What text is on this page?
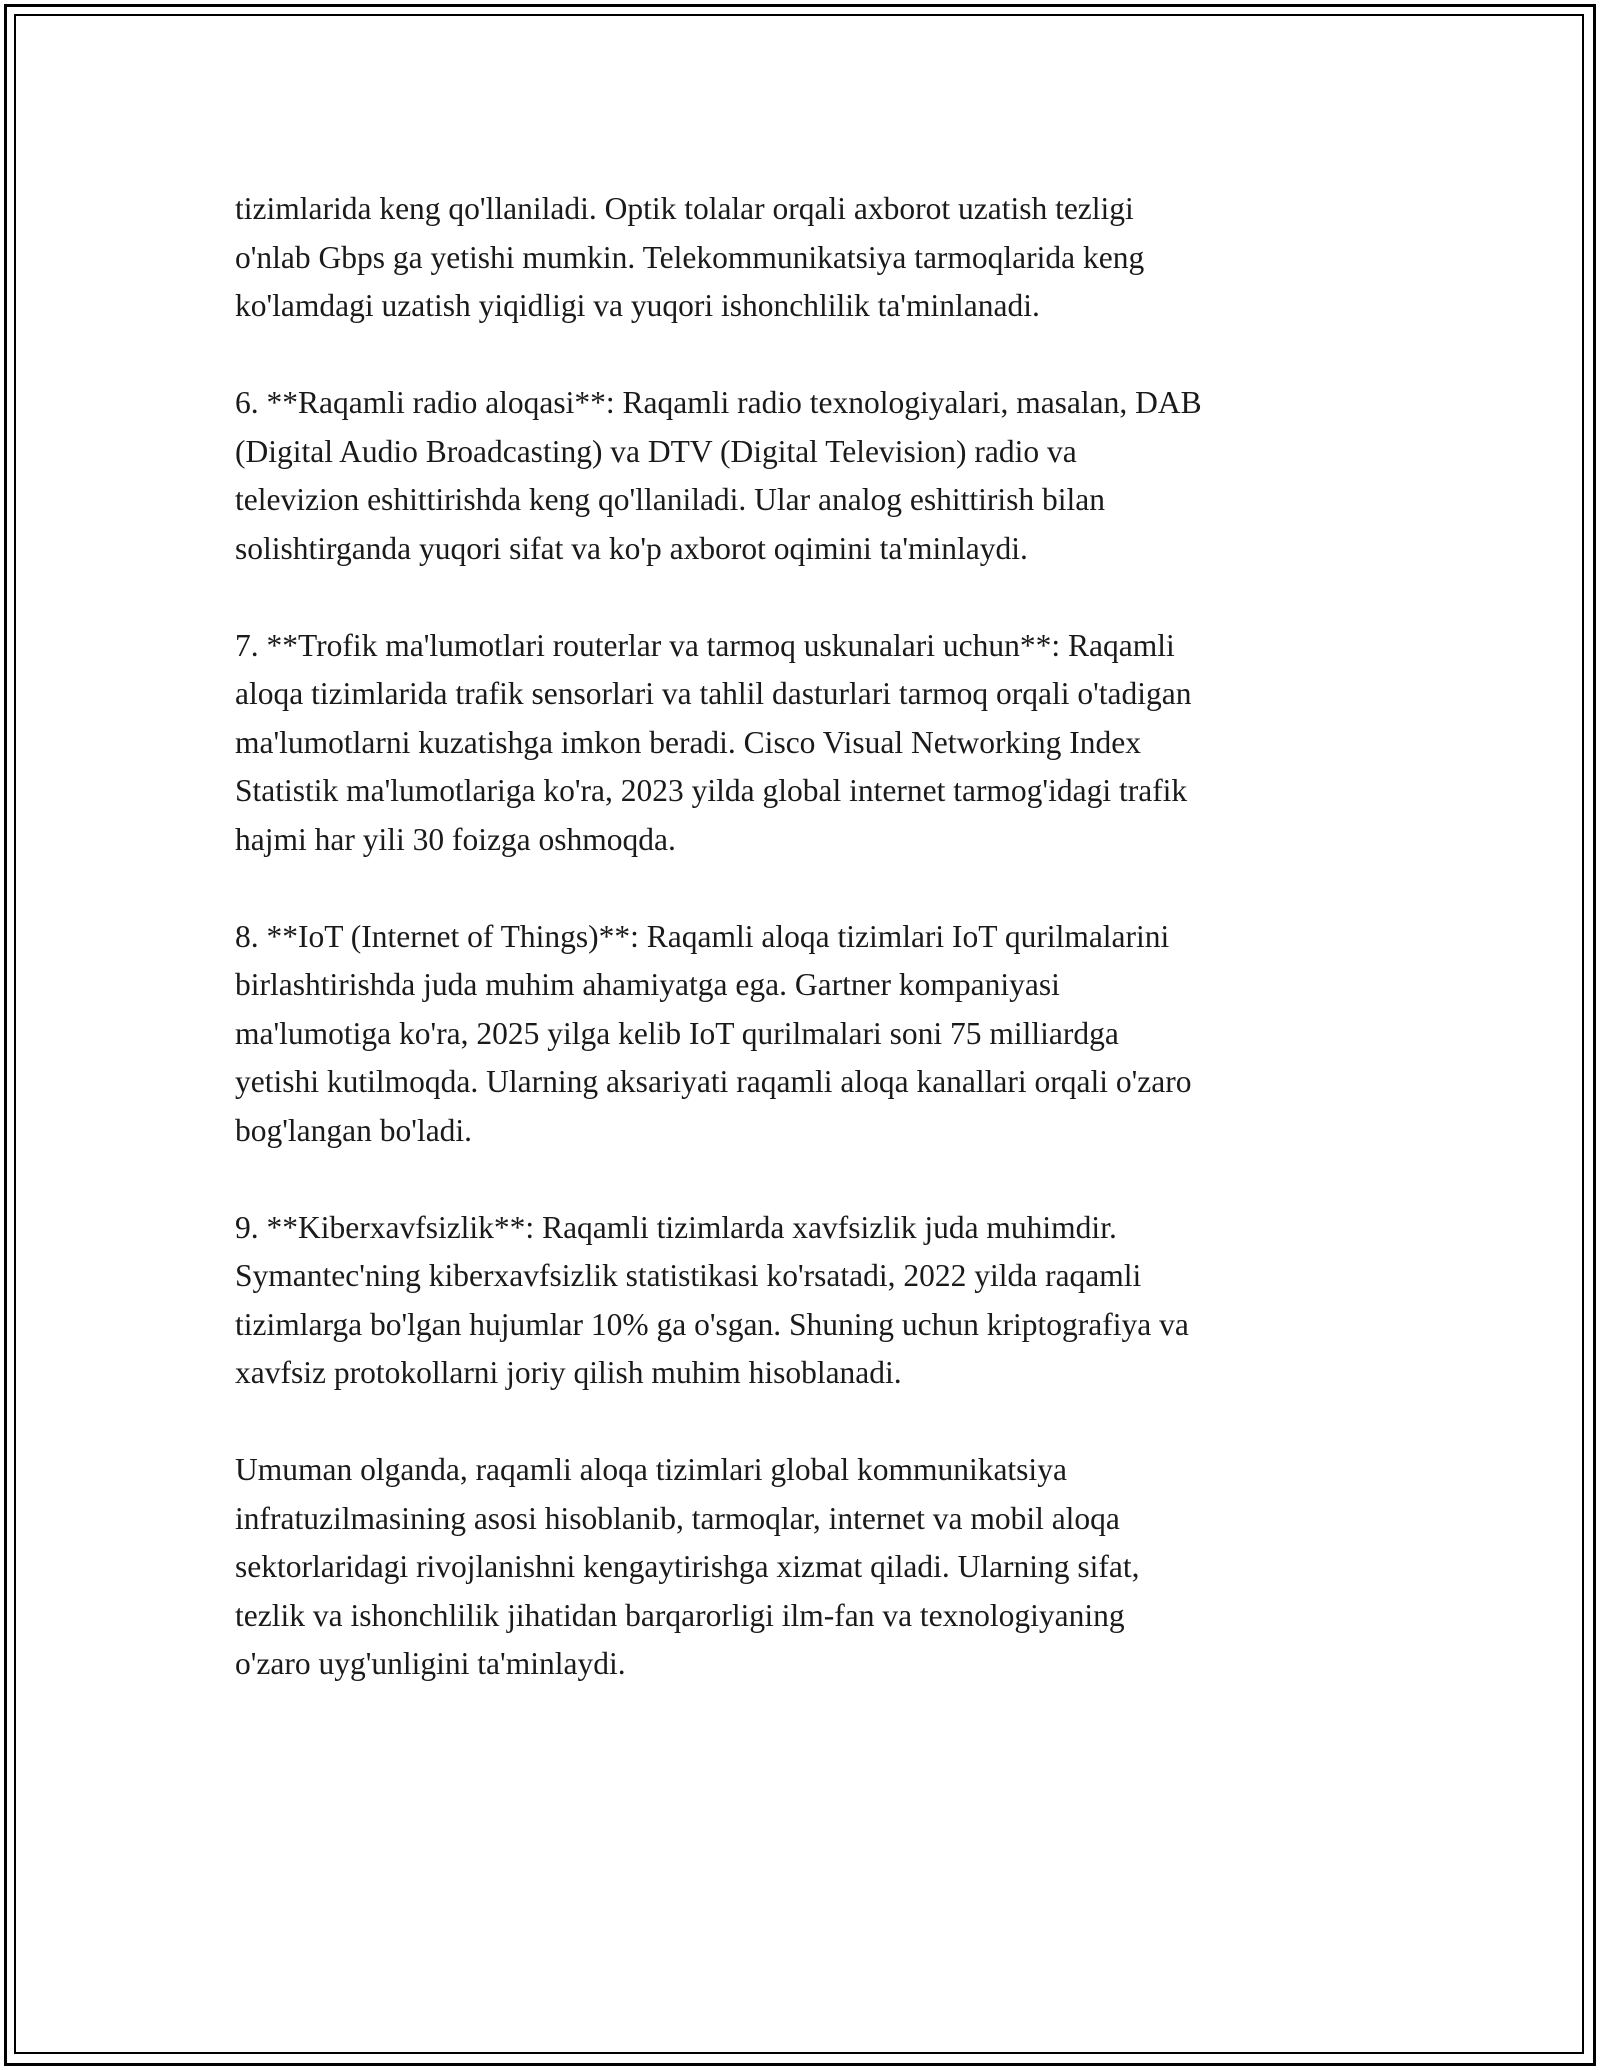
tizimlarida keng qo'llaniladi. Optik tolalar orqali axborot uzatish tezligi
o'nlab Gbps ga yetishi mumkin. Telekommunikatsiya tarmoqlarida keng
ko'lamdagi uzatish yiqidligi va yuqori ishonchlilik ta'minlanadi.
6. **Raqamli radio aloqasi**: Raqamli radio texnologiyalari, masalan, DAB
(Digital Audio Broadcasting) va DTV (Digital Television) radio va
televizion eshittirishda keng qo'llaniladi. Ular analog eshittirish bilan
solishtirganda yuqori sifat va ko'p axborot oqimini ta'minlaydi.
7. **Trofik ma'lumotlari routerlar va tarmoq uskunalari uchun**: Raqamli
aloqa tizimlarida trafik sensorlari va tahlil dasturlari tarmoq orqali o'tadigan
ma'lumotlarni kuzatishga imkon beradi. Cisco Visual Networking Index
Statistik ma'lumotlariga ko'ra, 2023 yilda global internet tarmog'idagi trafik
hajmi har yili 30 foizga oshmoqda.
8. **IoT (Internet of Things)**: Raqamli aloqa tizimlari IoT qurilmalarini
birlashtirishda juda muhim ahamiyatga ega. Gartner kompaniyasi
ma'lumotiga ko'ra, 2025 yilga kelib IoT qurilmalari soni 75 milliardga
yetishi kutilmoqda. Ularning aksariyati raqamli aloqa kanallari orqali o'zaro
bog'langan bo'ladi.
9. **Kiberxavfsizlik**: Raqamli tizimlarda xavfsizlik juda muhimdir.
Symantec'ning kiberxavfsizlik statistikasi ko'rsatadi, 2022 yilda raqamli
tizimlarga bo'lgan hujumlar 10% ga o'sgan. Shuning uchun kriptografiya va
xavfsiz protokollarni joriy qilish muhim hisoblanadi.
Umuman olganda, raqamli aloqa tizimlari global kommunikatsiya
infratuzilmasining asosi hisoblanib, tarmoqlar, internet va mobil aloqa
sektorlaridagi rivojlanishni kengaytirishga xizmat qiladi. Ularning sifat,
tezlik va ishonchlilik jihatidan barqarorligi ilm-fan va texnologiyaning
o'zaro uyg'unligini ta'minlaydi.
